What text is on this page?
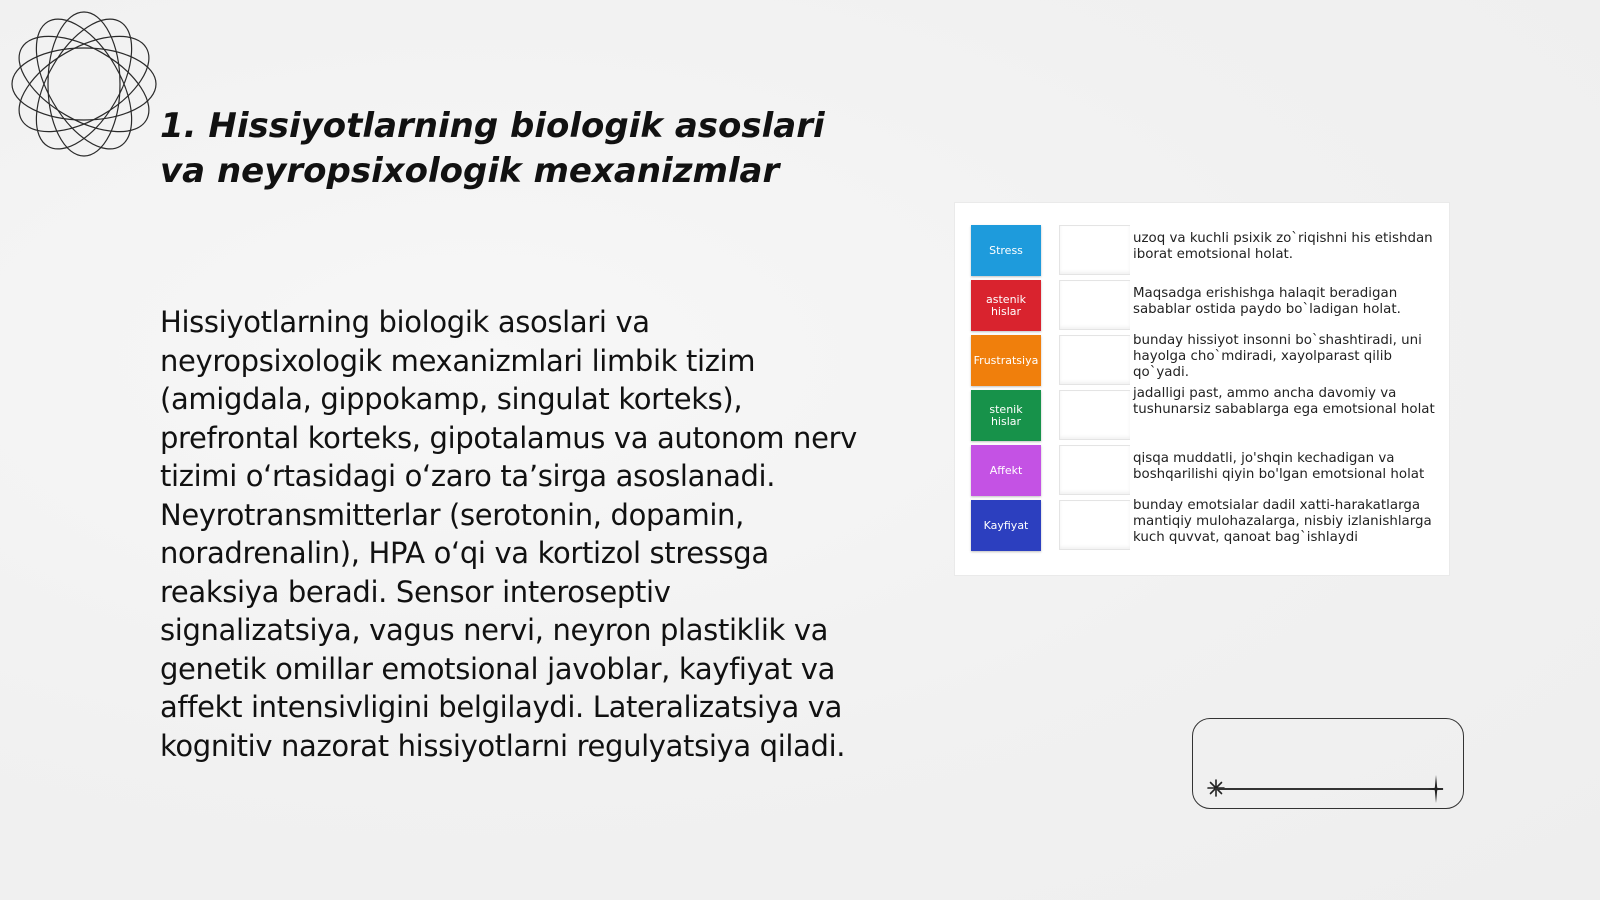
1. Hissiyotlarning biologik asoslari va neyropsixologik mexanizmlar

Hissiyotlarning biologik asoslari va neyropsixologik mexanizmlari limbik tizim (amigdala, gippokamp, singulat korteks), prefrontal korteks, gipotalamus va autonom nerv tizimi o‘rtasidagi o‘zaro ta’sirga asoslanadi. Neyrotransmitterlar (serotonin, dopamin, noradrenalin), HPA o‘qi va kortizol stressga reaksiya beradi. Sensor interoseptiv signalizatsiya, vagus nervi, neyron plastiklik va genetik omillar emotsional javoblar, kayfiyat va affekt intensivligini belgilaydi. Lateralizatsiya va kognitiv nazorat hissiyotlarni regulyatsiya qiladi.

Stress

uzoq va kuchli psixik zo`riqishni his etishdan iborat emotsional holat.

astenik hislar

Maqsadga erishishga halaqit beradigan sabablar ostida paydo bo`ladigan holat.

Frustratsiya

bunday hissiyot insonni bo`shashtiradi, uni hayolga cho`mdiradi, xayolparast qilib qo`yadi.

stenik hislar

jadalligi past, ammo ancha davomiy va tushunarsiz sabablarga ega emotsional holat

Affekt

qisqa muddatli, jo'shqin kechadigan va boshqarilishi qiyin bo'lgan emotsional holat

Kayfiyat

bunday emotsialar dadil xatti-harakatlarga mantiqiy mulohazalarga, nisbiy izlanishlarga kuch quvvat, qanoat bag`ishlaydi
